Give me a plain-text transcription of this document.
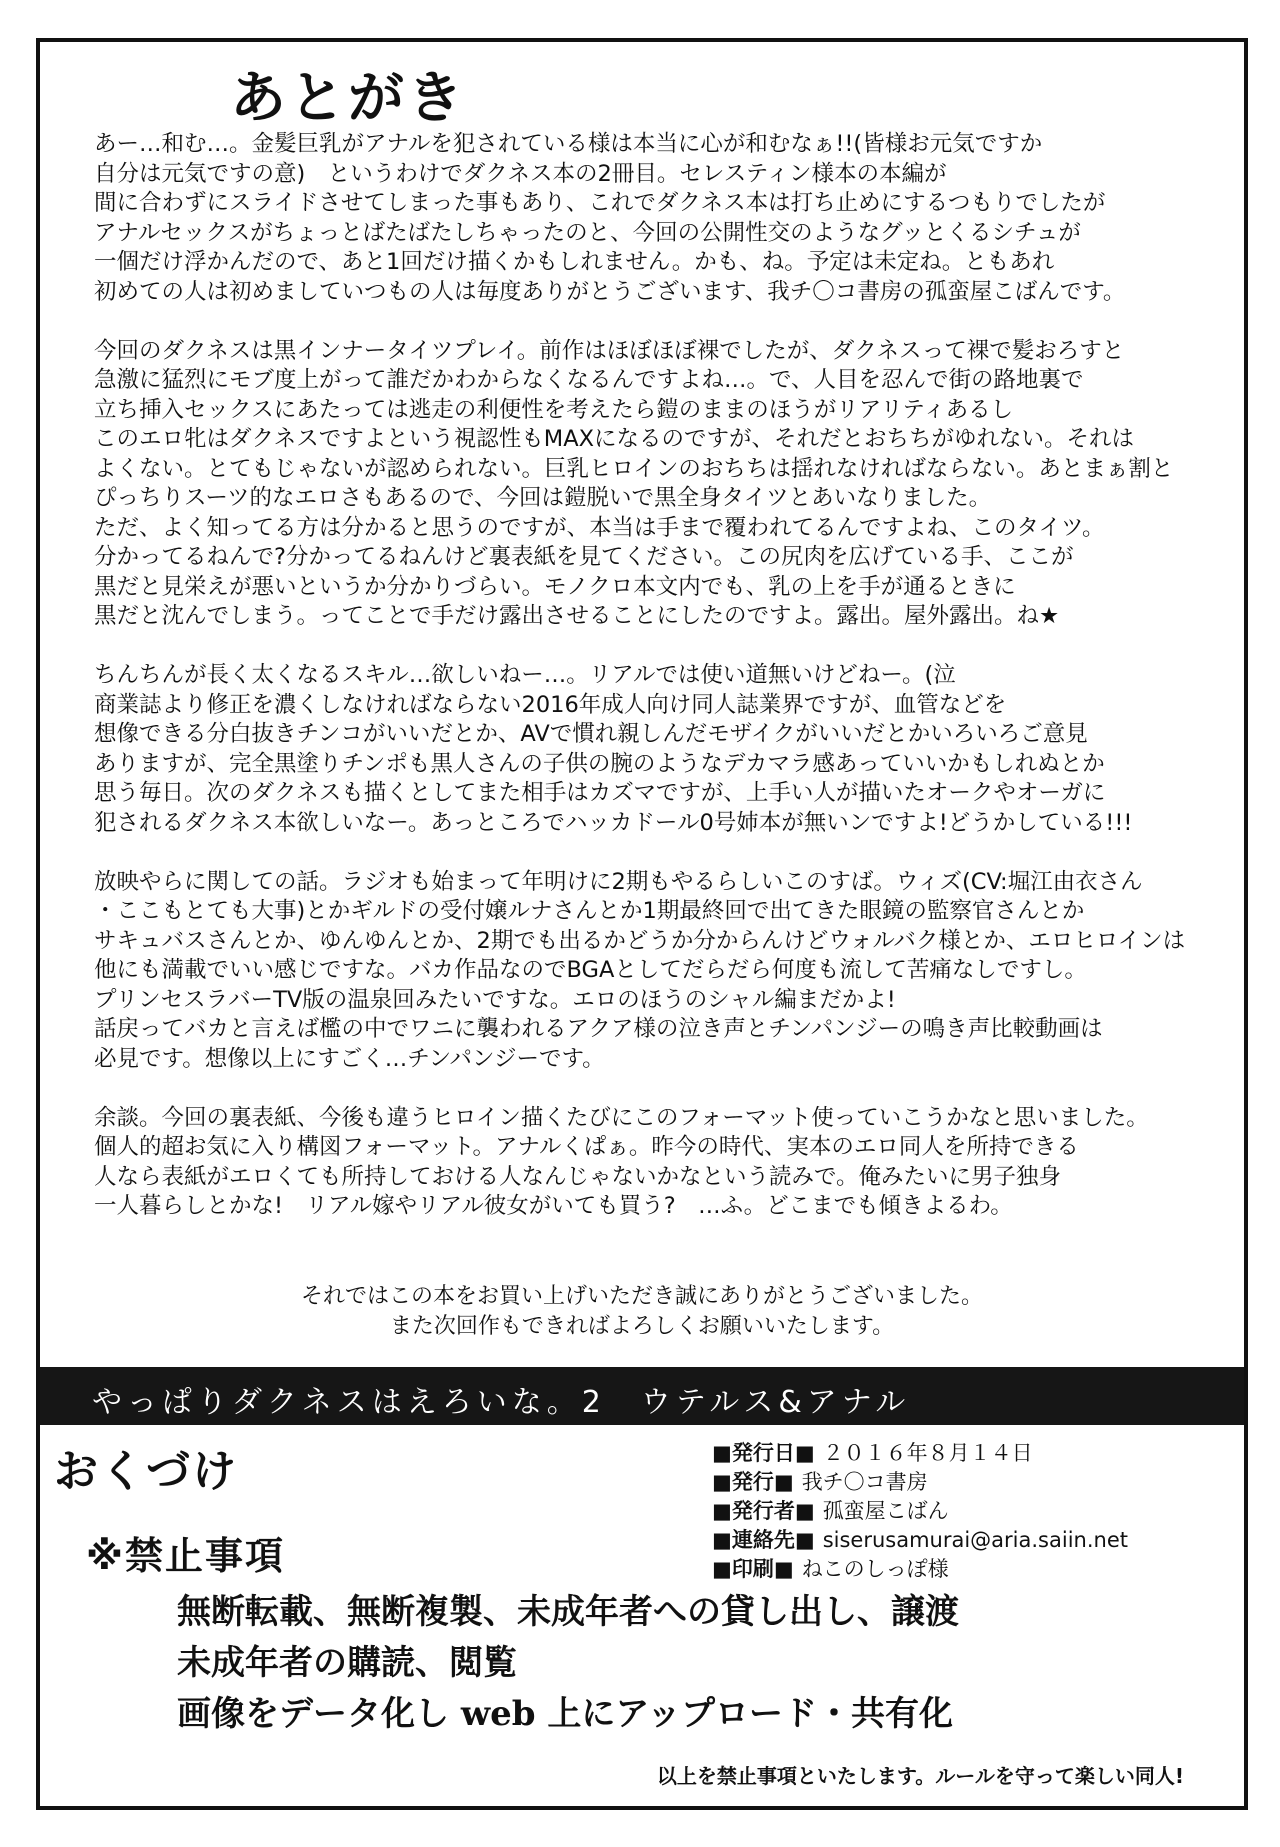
あとがき
あー…和む…。金髪巨乳がアナルを犯されている様は本当に心が和むなぁ!!(皆様お元気ですか
自分は元気ですの意)　というわけでダクネス本の2冊目。セレスティン様本の本編が
間に合わずにスライドさせてしまった事もあり、これでダクネス本は打ち止めにするつもりでしたが
アナルセックスがちょっとばたばたしちゃったのと、今回の公開性交のようなグッとくるシチュが
一個だけ浮かんだので、あと1回だけ描くかもしれません。かも、ね。予定は未定ね。ともあれ
初めての人は初めましていつもの人は毎度ありがとうございます、我チ〇コ書房の孤蛮屋こばんです。
今回のダクネスは黒インナータイツプレイ。前作はほぼほぼ裸でしたが、ダクネスって裸で髪おろすと
急激に猛烈にモブ度上がって誰だかわからなくなるんですよね…。で、人目を忍んで街の路地裏で
立ち挿入セックスにあたっては逃走の利便性を考えたら鎧のままのほうがリアリティあるし
このエロ牝はダクネスですよという視認性もMAXになるのですが、それだとおちちがゆれない。それは
よくない。とてもじゃないが認められない。巨乳ヒロインのおちちは揺れなければならない。あとまぁ割と
ぴっちりスーツ的なエロさもあるので、今回は鎧脱いで黒全身タイツとあいなりました。
ただ、よく知ってる方は分かると思うのですが、本当は手まで覆われてるんですよね、このタイツ。
分かってるねんで?分かってるねんけど裏表紙を見てください。この尻肉を広げている手、ここが
黒だと見栄えが悪いというか分かりづらい。モノクロ本文内でも、乳の上を手が通るときに
黒だと沈んでしまう。ってことで手だけ露出させることにしたのですよ。露出。屋外露出。ね★
ちんちんが長く太くなるスキル…欲しいねー…。リアルでは使い道無いけどねー。(泣
商業誌より修正を濃くしなければならない2016年成人向け同人誌業界ですが、血管などを
想像できる分白抜きチンコがいいだとか、AVで慣れ親しんだモザイクがいいだとかいろいろご意見
ありますが、完全黒塗りチンポも黒人さんの子供の腕のようなデカマラ感あっていいかもしれぬとか
思う毎日。次のダクネスも描くとしてまた相手はカズマですが、上手い人が描いたオークやオーガに
犯されるダクネス本欲しいなー。あっところでハッカドール0号姉本が無いンですよ!どうかしている!!!
放映やらに関しての話。ラジオも始まって年明けに2期もやるらしいこのすば。ウィズ(CV:堀江由衣さん
・ここもとても大事)とかギルドの受付嬢ルナさんとか1期最終回で出てきた眼鏡の監察官さんとか
サキュバスさんとか、ゆんゆんとか、2期でも出るかどうか分からんけどウォルバク様とか、エロヒロインは
他にも満載でいい感じですな。バカ作品なのでBGAとしてだらだら何度も流して苦痛なしですし。
プリンセスラバーTV版の温泉回みたいですな。エロのほうのシャル編まだかよ!
話戻ってバカと言えば檻の中でワニに襲われるアクア様の泣き声とチンパンジーの鳴き声比較動画は
必見です。想像以上にすごく…チンパンジーです。
余談。今回の裏表紙、今後も違うヒロイン描くたびにこのフォーマット使っていこうかなと思いました。
個人的超お気に入り構図フォーマット。アナルくぱぁ。昨今の時代、実本のエロ同人を所持できる
人なら表紙がエロくても所持しておける人なんじゃないかなという読みで。俺みたいに男子独身
一人暮らしとかな!　リアル嫁やリアル彼女がいても買う?　…ふ。どこまでも傾きよるわ。
それではこの本をお買い上げいただき誠にありがとうございました。
また次回作もできればよろしくお願いいたします。
やっぱりダクネスはえろいな。2　ウテルス&アナル
おくづけ	■発行日■ ２０１６年８月１４日
■発行■ 我チ〇コ書房
■発行者■ 孤蛮屋こばん
■連絡先■ siserusamurai@aria.saiin.net
■印刷■ ねこのしっぽ様
※禁止事項
無断転載、無断複製、未成年者への貸し出し、譲渡
未成年者の購読、閲覧
画像をデータ化し web 上にアップロード・共有化
以上を禁止事項といたします。ルールを守って楽しい同人!
